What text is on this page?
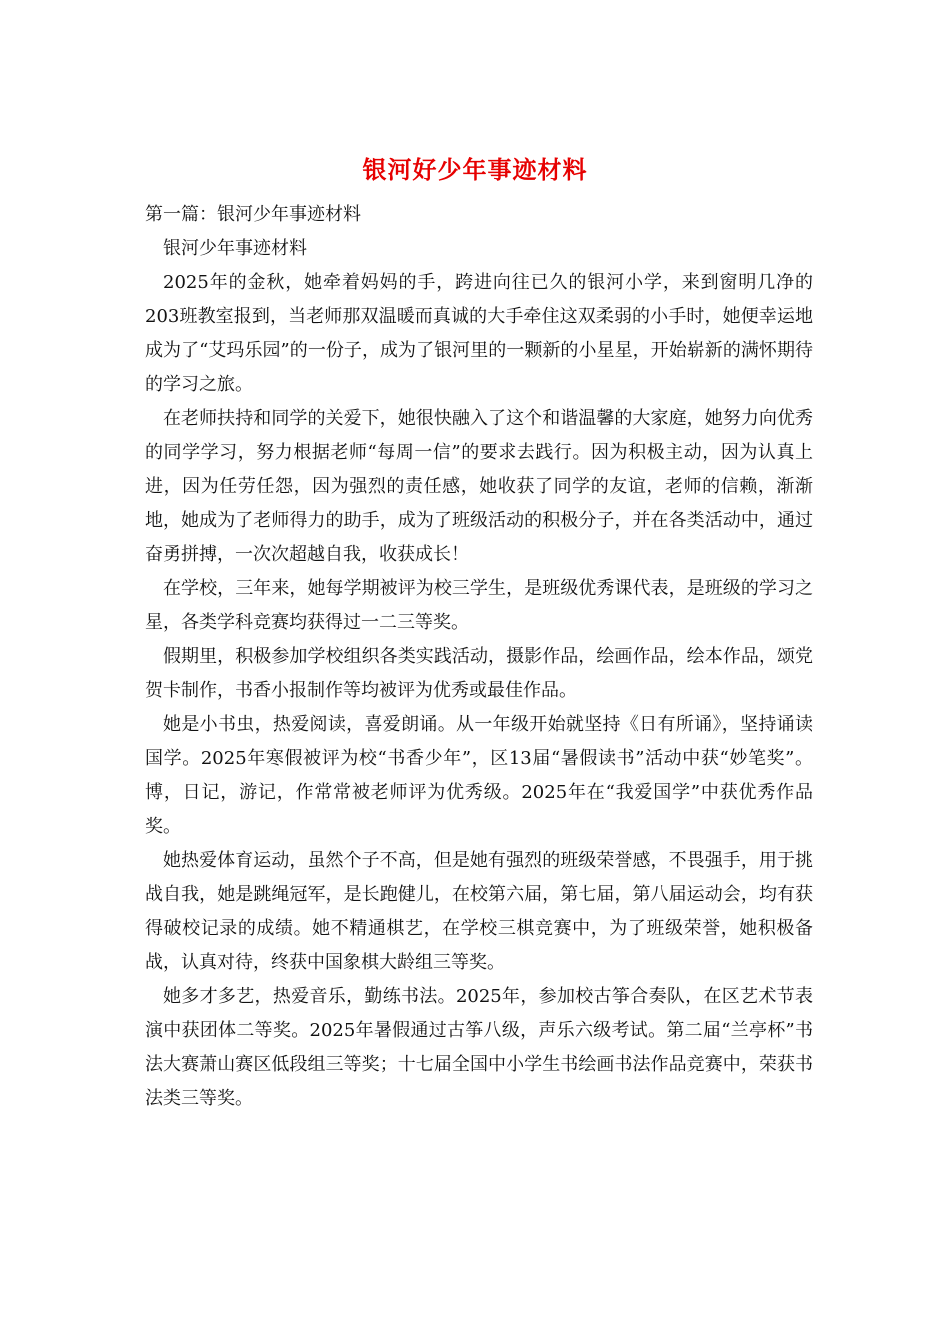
银河好少年事迹材料

第一篇：银河少年事迹材料

银河少年事迹材料

2025年的金秋，她牵着妈妈的手，跨进向往已久的银河小学，来到窗明几净的203班教室报到，当老师那双温暖而真诚的大手牵住这双柔弱的小手时，她便幸运地成为了“艾玛乐园”的一份子，成为了银河里的一颗新的小星星，开始崭新的满怀期待的学习之旅。

在老师扶持和同学的关爱下，她很快融入了这个和谐温馨的大家庭，她努力向优秀的同学学习，努力根据老师“每周一信”的要求去践行。因为积极主动，因为认真上进，因为任劳任怨，因为强烈的责任感，她收获了同学的友谊，老师的信赖，渐渐地，她成为了老师得力的助手，成为了班级活动的积极分子，并在各类活动中，通过奋勇拼搏，一次次超越自我，收获成长！

在学校，三年来，她每学期被评为校三学生，是班级优秀课代表，是班级的学习之星，各类学科竞赛均获得过一二三等奖。

假期里，积极参加学校组织各类实践活动，摄影作品，绘画作品，绘本作品，颂党贺卡制作，书香小报制作等均被评为优秀或最佳作品。

她是小书虫，热爱阅读，喜爱朗诵。从一年级开始就坚持《日有所诵》，坚持诵读国学。2025年寒假被评为校“书香少年”，区13届“暑假读书”活动中获“妙笔奖”。博，日记，游记，作常常被老师评为优秀级。2025年在“我爱国学”中获优秀作品奖。

她热爱体育运动，虽然个子不高，但是她有强烈的班级荣誉感，不畏强手，用于挑战自我，她是跳绳冠军，是长跑健儿，在校第六届，第七届，第八届运动会，均有获得破校记录的成绩。她不精通棋艺，在学校三棋竞赛中，为了班级荣誉，她积极备战，认真对待，终获中国象棋大龄组三等奖。

她多才多艺，热爱音乐，勤练书法。2025年，参加校古筝合奏队，在区艺术节表演中获团体二等奖。2025年暑假通过古筝八级，声乐六级考试。第二届“兰亭杯”书法大赛萧山赛区低段组三等奖；十七届全国中小学生书绘画书法作品竞赛中，荣获书法类三等奖。
